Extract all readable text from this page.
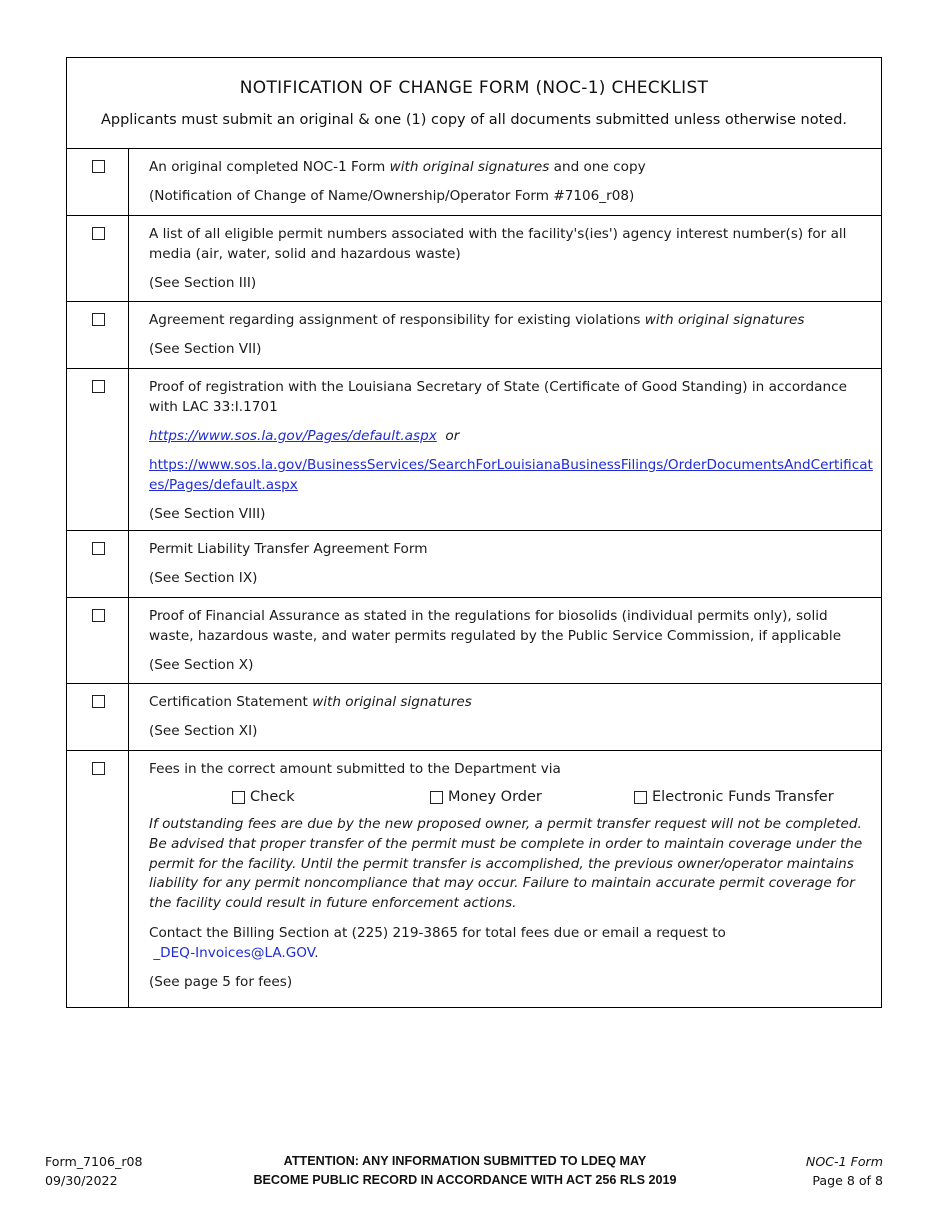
NOTIFICATION OF CHANGE FORM (NOC-1) CHECKLIST
Applicants must submit an original & one (1) copy of all documents submitted unless otherwise noted.

An original completed NOC-1 Form with original signatures and one copy

(Notification of Change of Name/Ownership/Operator Form #7106_r08)

A list of all eligible permit numbers associated with the facility's(ies') agency interest number(s) for all media (air, water, solid and hazardous waste)

(See Section III)

Agreement regarding assignment of responsibility for existing violations with original signatures

(See Section VII)

Proof of registration with the Louisiana Secretary of State (Certificate of Good Standing) in accordance with LAC 33:I.1701

https://www.sos.la.gov/Pages/default.aspx or

https://www.sos.la.gov/BusinessServices/SearchForLouisianaBusinessFilings/OrderDocumentsAndCertificates/Pages/default.aspx

(See Section VIII)

Permit Liability Transfer Agreement Form

(See Section IX)

Proof of Financial Assurance as stated in the regulations for biosolids (individual permits only), solid waste, hazardous waste, and water permits regulated by the Public Service Commission, if applicable

(See Section X)

Certification Statement with original signatures

(See Section XI)

Fees in the correct amount submitted to the Department via

Check	Money Order	Electronic Funds Transfer

If outstanding fees are due by the new proposed owner, a permit transfer request will not be completed. Be advised that proper transfer of the permit must be complete in order to maintain coverage under the permit for the facility. Until the permit transfer is accomplished, the previous owner/operator maintains liability for any permit noncompliance that may occur. Failure to maintain accurate permit coverage for the facility could result in future enforcement actions.

Contact the Billing Section at (225) 219-3865 for total fees due or email a request to
_DEQ-Invoices@LA.GOV.

(See page 5 for fees)

Form_7106_r08
09/30/2022
ATTENTION: ANY INFORMATION SUBMITTED TO LDEQ MAY
BECOME PUBLIC RECORD IN ACCORDANCE WITH ACT 256 RLS 2019
NOC-1 Form
Page 8 of 8
